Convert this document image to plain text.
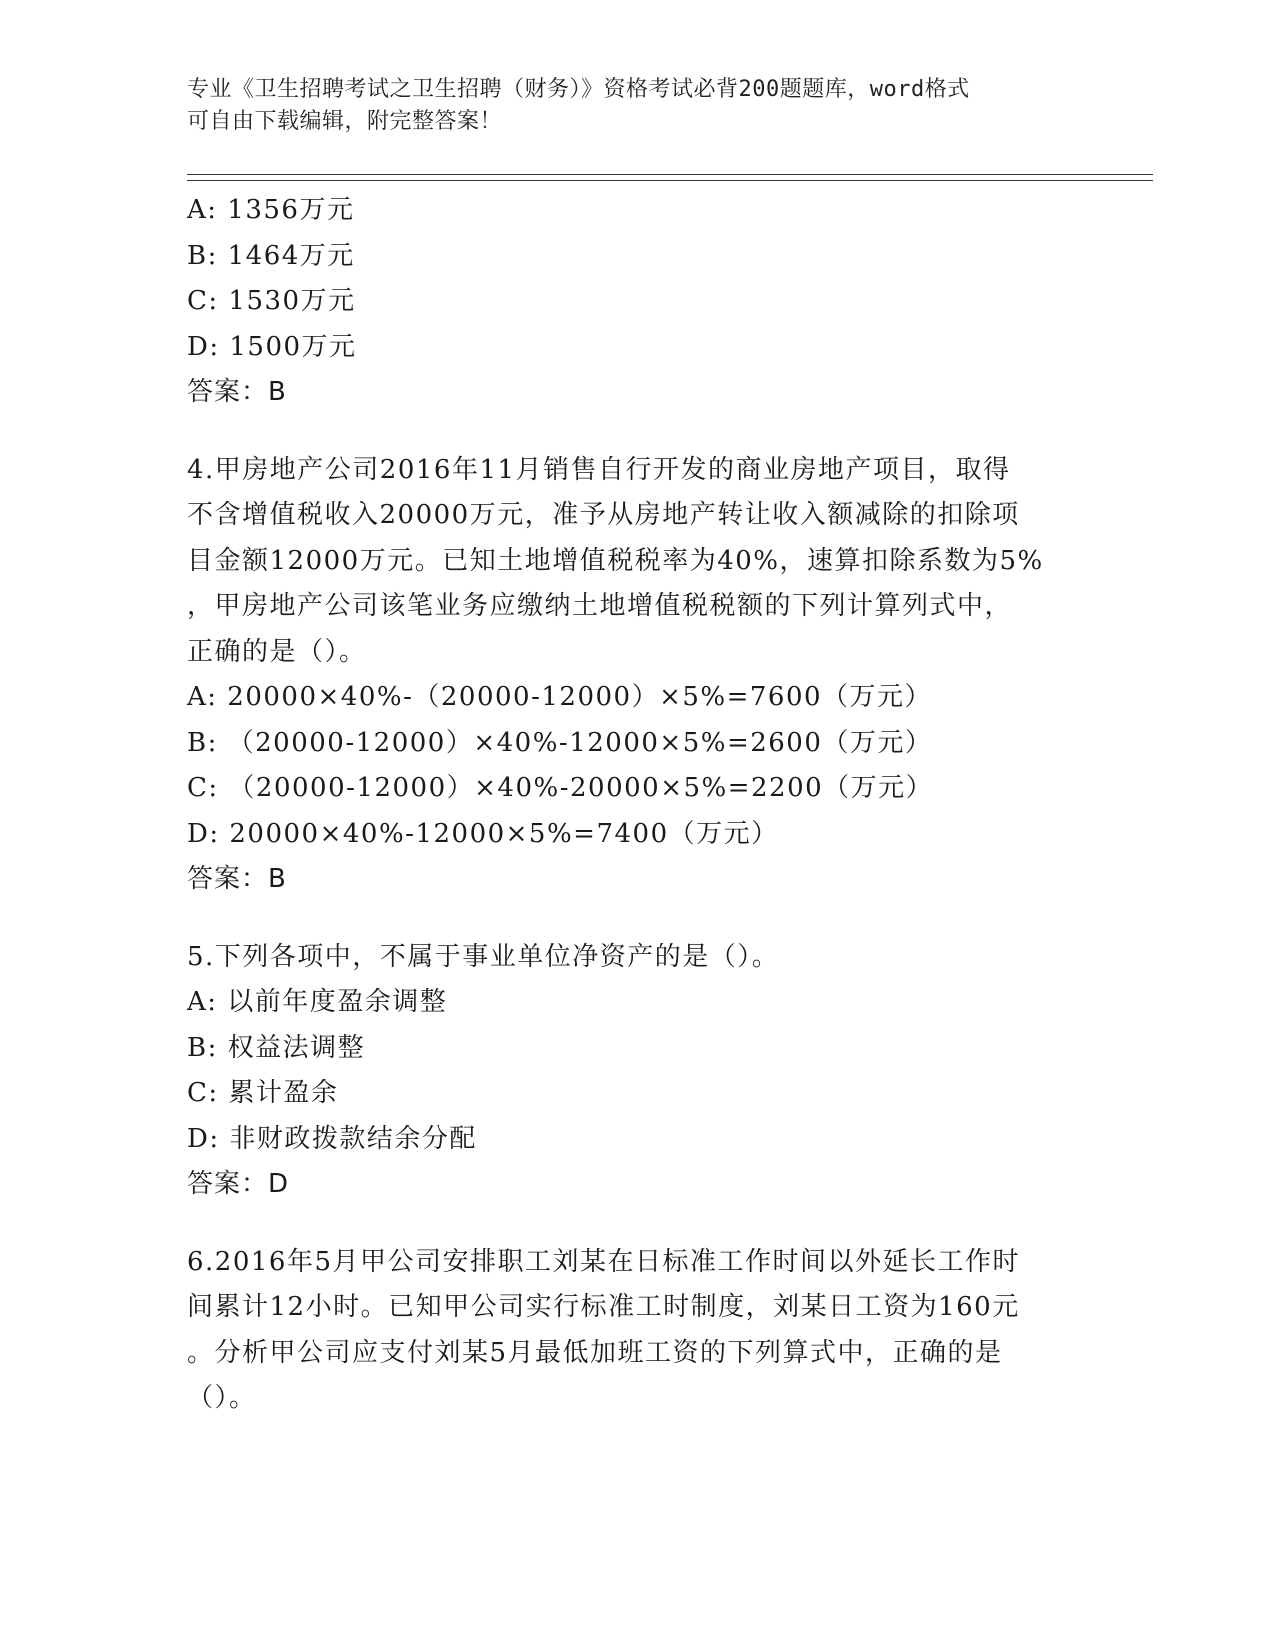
专业《卫生招聘考试之卫生招聘（财务）》资格考试必背200题题库，word格式
可自由下载编辑，附完整答案！
A: 1356万元
B: 1464万元
C: 1530万元
D: 1500万元
答案：B
4.甲房地产公司2016年11月销售自行开发的商业房地产项目，取得
不含增值税收入20000万元，准予从房地产转让收入额减除的扣除项
目金额12000万元。已知土地增值税税率为40%，速算扣除系数为5%
，甲房地产公司该笔业务应缴纳土地增值税税额的下列计算列式中，
正确的是（）。
A: 20000×40%-（20000-12000）×5%=7600（万元）
B: （20000-12000）×40%-12000×5%=2600（万元）
C: （20000-12000）×40%-20000×5%=2200（万元）
D: 20000×40%-12000×5%=7400（万元）
答案：B
5.下列各项中，不属于事业单位净资产的是（）。
A: 以前年度盈余调整
B: 权益法调整
C: 累计盈余
D: 非财政拨款结余分配
答案：D
6.2016年5月甲公司安排职工刘某在日标准工作时间以外延长工作时
间累计12小时。已知甲公司实行标准工时制度，刘某日工资为160元
。分析甲公司应支付刘某5月最低加班工资的下列算式中，正确的是
（）。
